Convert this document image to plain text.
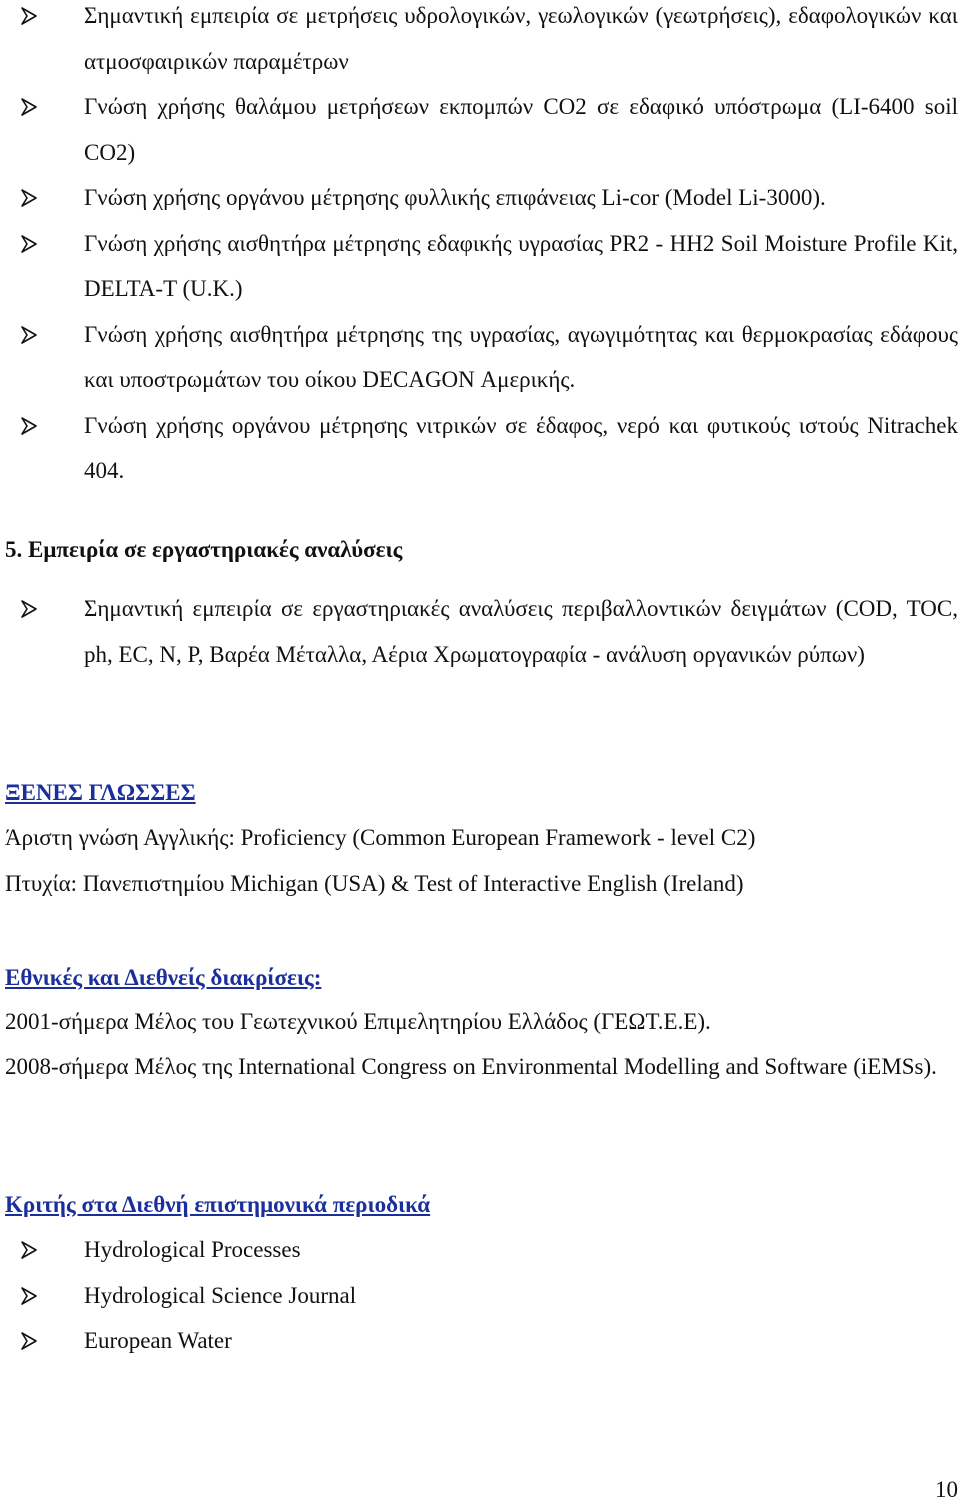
Σημαντική εμπειρία σε μετρήσεις υδρολογικών, γεωλογικών (γεωτρήσεις), εδαφολογικών και ατμοσφαιρικών παραμέτρων
Γνώση χρήσης θαλάμου μετρήσεων εκπομπών CO2 σε εδαφικό υπόστρωμα (LI-6400 soil CO2)
Γνώση χρήσης οργάνου μέτρησης φυλλικής επιφάνειας Li-cor (Model Li-3000).
Γνώση χρήσης αισθητήρα μέτρησης εδαφικής υγρασίας PR2 - HH2 Soil Moisture Profile Kit, DELTA-T (U.K.)
Γνώση χρήσης αισθητήρα μέτρησης της υγρασίας, αγωγιμότητας και θερμοκρασίας εδάφους και υποστρωμάτων του οίκου DECAGON Αμερικής.
Γνώση χρήσης οργάνου μέτρησης νιτρικών σε έδαφος, νερό και φυτικούς ιστούς Nitrachek 404.
5. Εμπειρία σε εργαστηριακές αναλύσεις
Σημαντική εμπειρία σε εργαστηριακές αναλύσεις περιβαλλοντικών δειγμάτων (COD, TOC, ph, EC, N, P, Βαρέα Μέταλλα, Αέρια Χρωματογραφία - ανάλυση οργανικών ρύπων)
ΞΕΝΕΣ ΓΛΩΣΣΕΣ

Άριστη γνώση Αγγλικής: Proficiency (Common European Framework - level C2)

Πτυχία: Πανεπιστημίου Michigan (USA) & Test of Interactive English (Ireland)

Εθνικές και Διεθνείς διακρίσεις:

2001-σήμερα Μέλος του Γεωτεχνικού Επιμελητηρίου Ελλάδος (ΓΕΩΤ.Ε.Ε).

2008-σήμερα Μέλος της International Congress on Environmental Modelling and Software (iEMSs).

Κριτής στα Διεθνή επιστημονικά περιοδικά
Hydrological Processes
Hydrological Science Journal
European Water
10
